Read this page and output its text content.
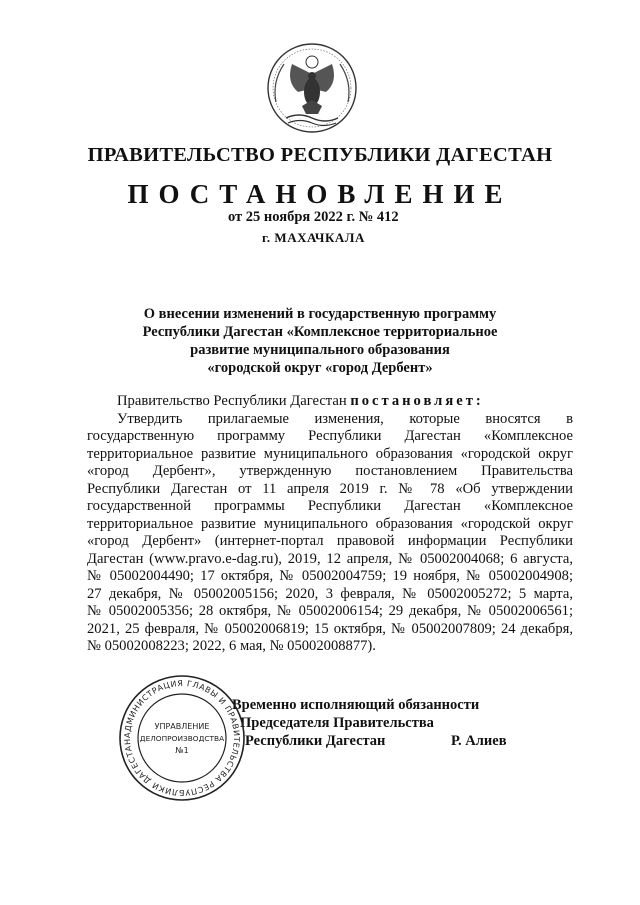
ПРАВИТЕЛЬСТВО РЕСПУБЛИКИ ДАГЕСТАН
ПОСТАНОВЛЕНИЕ
от 25 ноября 2022 г. № 412
г. МАХАЧКАЛА
О внесении изменений в государственную программу
Республики Дагестан «Комплексное территориальное
развитие муниципального образования
«городской округ «город Дербент»
Правительство Республики Дагестан постановляет:
Утвердить прилагаемые изменения, которые вносятся в
государственную программу Республики Дагестан «Комплексное
территориальное развитие муниципального образования «городской округ
«город Дербент», утвержденную постановлением Правительства
Республики Дагестан от 11 апреля 2019 г. № 78 «Об утверждении
государственной программы Республики Дагестан «Комплексное
территориальное развитие муниципального образования «городской округ
«город Дербент» (интернет-портал правовой информации Республики
Дагестан (www.pravo.e-dag.ru), 2019, 12 апреля, № 05002004068; 6 августа,
№ 05002004490; 17 октября, № 05002004759; 19 ноября, № 05002004908;
27 декабря, № 05002005156; 2020, 3 февраля, № 05002005272; 5 марта,
№ 05002005356; 28 октября, № 05002006154; 29 декабря, № 05002006561;
2021, 25 февраля, № 05002006819; 15 октября, № 05002007809; 24 декабря,
№ 05002008223; 2022, 6 мая, № 05002008877).
Временно исполняющий обязанности
Председателя Правительства
Республики Дагестан	Р. Алиев
АДМИНИСТРАЦИЯ ГЛАВЫ И ПРАВИТЕЛЬСТВА РЕСПУБЛИКИ ДАГЕСТАН
УПРАВЛЕНИЕ
ДЕЛОПРОИЗВОДСТВА
№1
